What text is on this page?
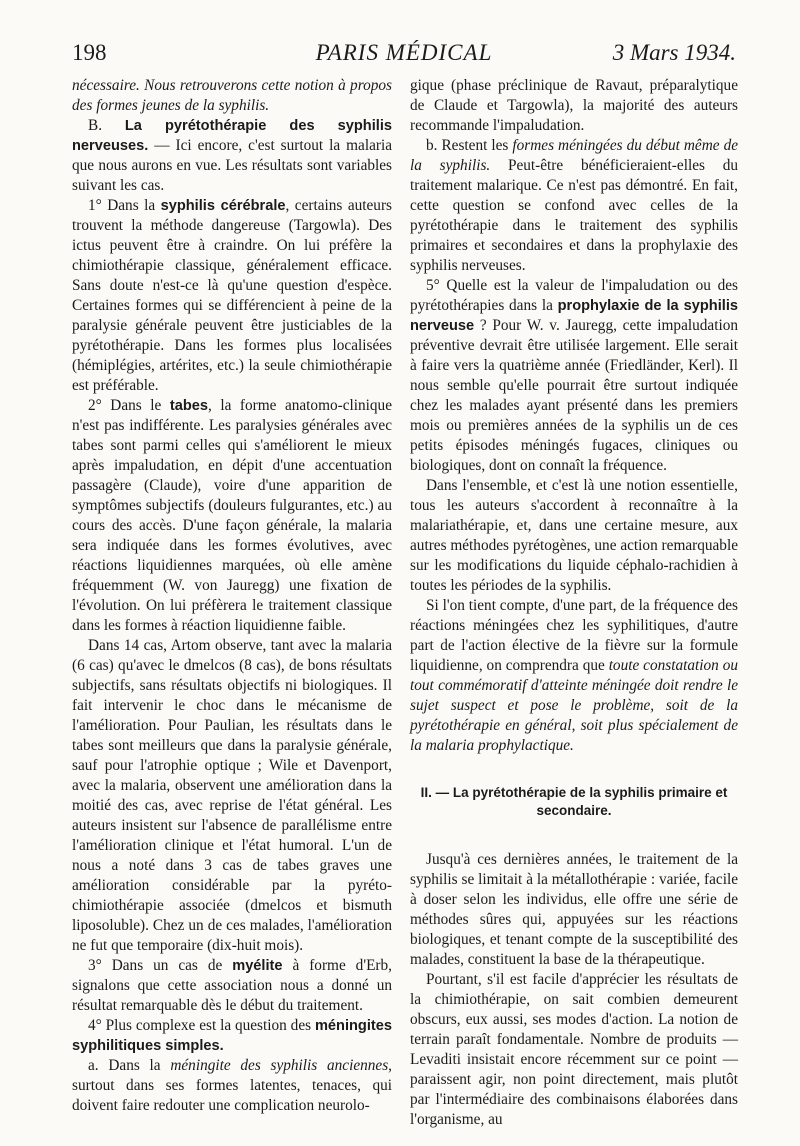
198	PARIS MÉDICAL	3 Mars 1934.

nécessaire. Nous retrouverons cette notion à propos des formes jeunes de la syphilis.

B. La pyrétothérapie des syphilis nerveuses. — Ici encore, c'est surtout la malaria que nous aurons en vue. Les résultats sont variables suivant les cas.

1° Dans la syphilis cérébrale, certains auteurs trouvent la méthode dangereuse (Targowla). Des ictus peuvent être à craindre. On lui préfère la chimiothérapie classique, généralement efficace. Sans doute n'est-ce là qu'une question d'espèce. Certaines formes qui se différencient à peine de la paralysie générale peuvent être justiciables de la pyrétothérapie. Dans les formes plus localisées (hémiplégies, artérites, etc.) la seule chimiothérapie est préférable.

2° Dans le tabes, la forme anatomo-clinique n'est pas indifférente. Les paralysies générales avec tabes sont parmi celles qui s'améliorent le mieux après impaludation, en dépit d'une accentuation passagère (Claude), voire d'une apparition de symptômes subjectifs (douleurs fulgurantes, etc.) au cours des accès. D'une façon générale, la malaria sera indiquée dans les formes évolutives, avec réactions liquidiennes marquées, où elle amène fréquemment (W. von Jauregg) une fixation de l'évolution. On lui préfèrera le traitement classique dans les formes à réaction liquidienne faible.

Dans 14 cas, Artom observe, tant avec la malaria (6 cas) qu'avec le dmelcos (8 cas), de bons résultats subjectifs, sans résultats objectifs ni biologiques. Il fait intervenir le choc dans le mécanisme de l'amélioration. Pour Paulian, les résultats dans le tabes sont meilleurs que dans la paralysie générale, sauf pour l'atrophie optique ; Wile et Davenport, avec la malaria, observent une amélioration dans la moitié des cas, avec reprise de l'état général. Les auteurs insistent sur l'absence de parallélisme entre l'amélioration clinique et l'état humoral. L'un de nous a noté dans 3 cas de tabes graves une amélioration considérable par la pyréto-chimiothérapie associée (dmelcos et bismuth liposoluble). Chez un de ces malades, l'amélioration ne fut que temporaire (dix-huit mois).

3° Dans un cas de myélite à forme d'Erb, signalons que cette association nous a donné un résultat remarquable dès le début du traitement.

4° Plus complexe est la question des méningites syphilitiques simples.

a. Dans la méningite des syphilis anciennes, surtout dans ses formes latentes, tenaces, qui doivent faire redouter une complication neurolo-

gique (phase préclinique de Ravaut, préparalytique de Claude et Targowla), la majorité des auteurs recommande l'impaludation.

b. Restent les formes méningées du début même de la syphilis. Peut-être bénéficieraient-elles du traitement malarique. Ce n'est pas démontré. En fait, cette question se confond avec celles de la pyrétothérapie dans le traitement des syphilis primaires et secondaires et dans la prophylaxie des syphilis nerveuses.

5° Quelle est la valeur de l'impaludation ou des pyrétothérapies dans la prophylaxie de la syphilis nerveuse ? Pour W. v. Jauregg, cette impaludation préventive devrait être utilisée largement. Elle serait à faire vers la quatrième année (Friedländer, Kerl). Il nous semble qu'elle pourrait être surtout indiquée chez les malades ayant présenté dans les premiers mois ou premières années de la syphilis un de ces petits épisodes méningés fugaces, cliniques ou biologiques, dont on connaît la fréquence.

Dans l'ensemble, et c'est là une notion essentielle, tous les auteurs s'accordent à reconnaître à la malariathérapie, et, dans une certaine mesure, aux autres méthodes pyrétogènes, une action remarquable sur les modifications du liquide céphalo-rachidien à toutes les périodes de la syphilis.

Si l'on tient compte, d'une part, de la fréquence des réactions méningées chez les syphilitiques, d'autre part de l'action élective de la fièvre sur la formule liquidienne, on comprendra que toute constatation ou tout commémoratif d'atteinte méningée doit rendre le sujet suspect et pose le problème, soit de la pyrétothérapie en général, soit plus spécialement de la malaria prophylactique.

II. — La pyrétothérapie de la syphilis primaire et secondaire.

Jusqu'à ces dernières années, le traitement de la syphilis se limitait à la métallothérapie : variée, facile à doser selon les individus, elle offre une série de méthodes sûres qui, appuyées sur les réactions biologiques, et tenant compte de la susceptibilité des malades, constituent la base de la thérapeutique.

Pourtant, s'il est facile d'apprécier les résultats de la chimiothérapie, on sait combien demeurent obscurs, eux aussi, ses modes d'action. La notion de terrain paraît fondamentale. Nombre de produits — Levaditi insistait encore récemment sur ce point — paraissent agir, non point directement, mais plutôt par l'intermédiaire des combinaisons élaborées dans l'organisme, au
